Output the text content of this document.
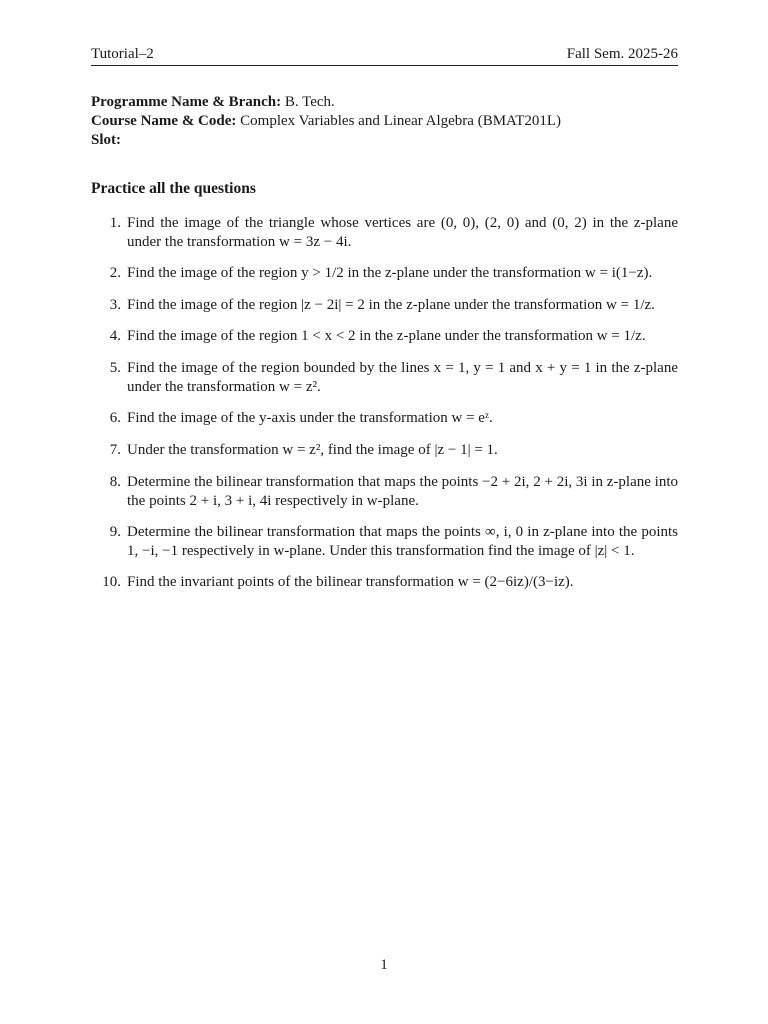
Tutorial–2	Fall Sem. 2025-26

Programme Name & Branch: B. Tech.

Course Name & Code: Complex Variables and Linear Algebra (BMAT201L)

Slot:

Practice all the questions
1. Find the image of the triangle whose vertices are (0, 0), (2, 0) and (0, 2) in the z-plane under the transformation w = 3z − 4i.
2. Find the image of the region y > 1/2 in the z-plane under the transformation w = i(1−z).
3. Find the image of the region |z − 2i| = 2 in the z-plane under the transformation w = 1/z.
4. Find the image of the region 1 < x < 2 in the z-plane under the transformation w = 1/z.
5. Find the image of the region bounded by the lines x = 1, y = 1 and x + y = 1 in the z-plane under the transformation w = z².
6. Find the image of the y-axis under the transformation w = eᶻ.
7. Under the transformation w = z², find the image of |z − 1| = 1.
8. Determine the bilinear transformation that maps the points −2 + 2i, 2 + 2i, 3i in z-plane into the points 2 + i, 3 + i, 4i respectively in w-plane.
9. Determine the bilinear transformation that maps the points ∞, i, 0 in z-plane into the points 1, −i, −1 respectively in w-plane. Under this transformation find the image of |z| < 1.
10. Find the invariant points of the bilinear transformation w = (2−6iz)/(3−iz).
1
